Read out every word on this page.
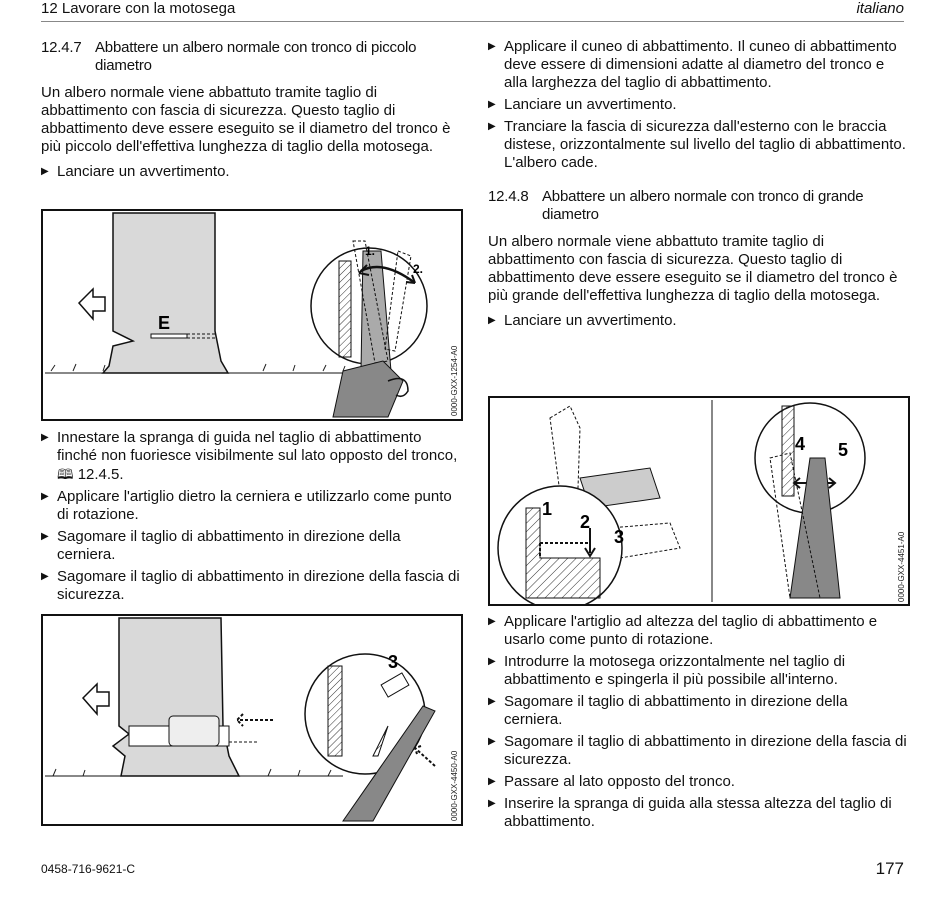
12 Lavorare con la motosega	italiano
12.4.7 Abbattere un albero normale con tronco di piccolo diametro

Un albero normale viene abbattuto tramite taglio di abbattimento con fascia di sicurezza. Questo taglio di abbattimento deve essere eseguito se il diametro del tronco è più piccolo dell'effettiva lunghezza di taglio della motosega.

▶ Lanciare un avvertimento.
E
1.
2.
0000-GXX-1254-A0
▶ Innestare la spranga di guida nel taglio di abbattimento finché non fuoriesce visibilmente sul lato opposto del tronco, 🕮 12.4.5.
▶ Applicare l'artiglio dietro la cerniera e utilizzarlo come punto di rotazione.
▶ Sagomare il taglio di abbattimento in direzione della cerniera.
▶ Sagomare il taglio di abbattimento in direzione della fascia di sicurezza.
3
0000-GXX-4450-A0
▶ Applicare il cuneo di abbattimento. Il cuneo di abbattimento deve essere di dimensioni adatte al diametro del tronco e alla larghezza del taglio di abbattimento.
▶ Lanciare un avvertimento.
▶ Tranciare la fascia di sicurezza dall'esterno con le braccia distese, orizzontalmente sul livello del taglio di abbattimento.
L'albero cade.
12.4.8 Abbattere un albero normale con tronco di grande diametro

Un albero normale viene abbattuto tramite taglio di abbattimento con fascia di sicurezza. Questo taglio di abbattimento deve essere eseguito se il diametro del tronco è più grande dell'effettiva lunghezza di taglio della motosega.

▶ Lanciare un avvertimento.
1
2
3
4 5
0000-GXX-4451-A0
▶ Applicare l'artiglio ad altezza del taglio di abbattimento e usarlo come punto di rotazione.
▶ Introdurre la motosega orizzontalmente nel taglio di abbattimento e spingerla il più possibile all'interno.
▶ Sagomare il taglio di abbattimento in direzione della cerniera.
▶ Sagomare il taglio di abbattimento in direzione della fascia di sicurezza.
▶ Passare al lato opposto del tronco.
▶ Inserire la spranga di guida alla stessa altezza del taglio di abbattimento.
0458-716-9621-C	177
